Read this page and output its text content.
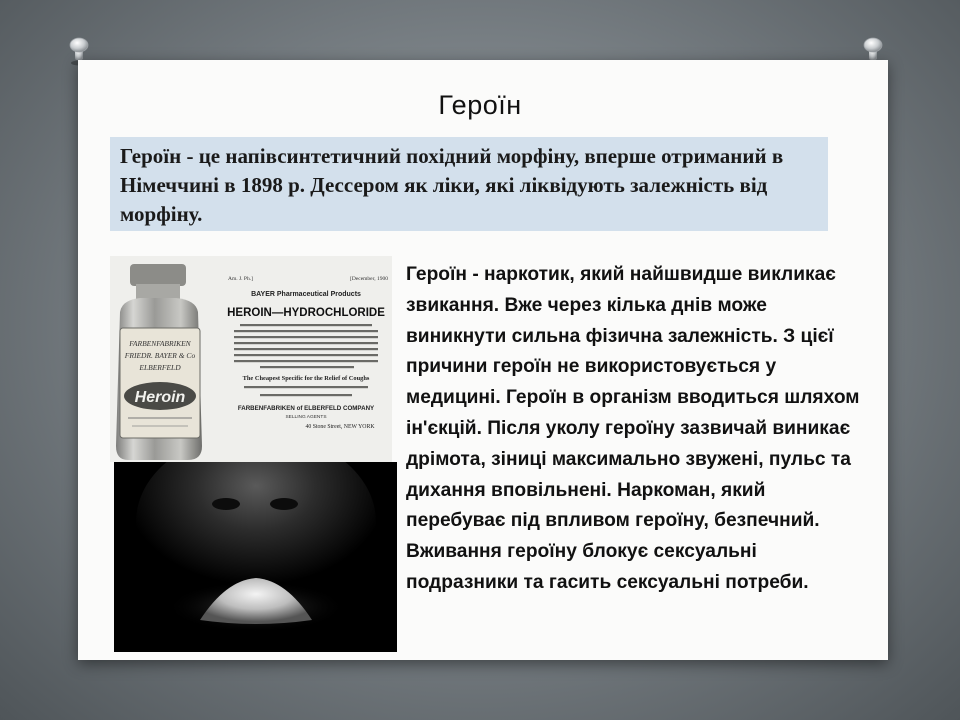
Героїн
Героїн - це напівсинтетичний похідний морфіну, вперше отриманий в Німеччині в 1898 р. Дессером як ліки, які ліквідують залежність від морфіну.
FARBENFABRIKEN
FRIEDR. BAYER & Co
ELBERFELD
Heroin
Am. J. Ph.]	[December, 1900
BAYER Pharmaceutical Products
HEROIN—HYDROCHLORIDE
The Cheapest Specific for the Relief of Coughs
FARBENFABRIKEN of ELBERFELD COMPANY
SELLING AGENTS
40 Stone Street, NEW YORK
Героїн - наркотик, який найшвидше викликає звикання. Вже через кілька днів може виникнути сильна фізична залежність. З цієї причини героїн не використовується у медицині. Героїн в організм вводиться шляхом ін'єкцій. Після уколу героїну зазвичай виникає дрімота, зіниці максимально звужені, пульс та дихання вповільнені. Наркоман, який перебуває під впливом героїну, безпечний. Вживання героїну блокує сексуальні подразники та гасить сексуальні потреби.
